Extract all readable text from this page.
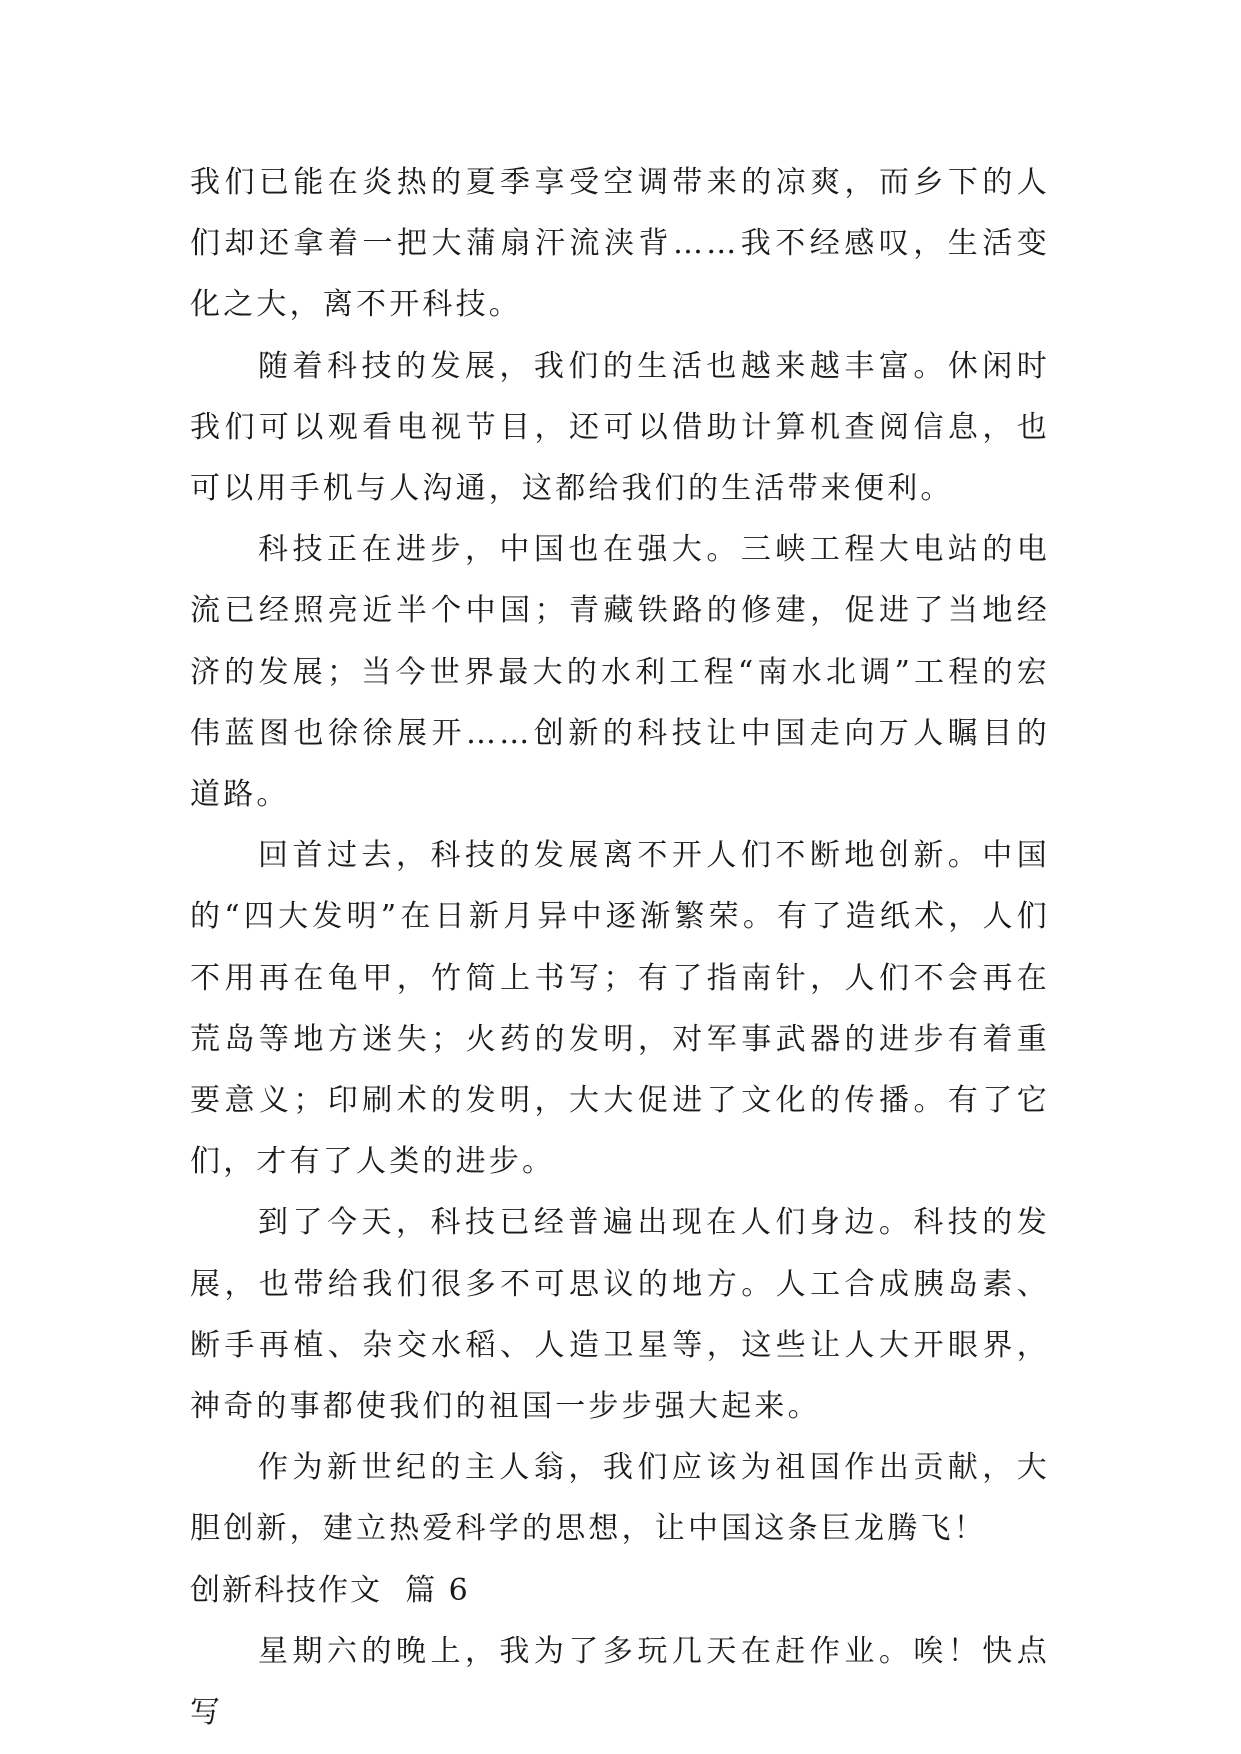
我们已能在炎热的夏季享受空调带来的凉爽，而乡下的人们却还拿着一把大蒲扇汗流浃背……我不经感叹，生活变化之大，离不开科技。

随着科技的发展，我们的生活也越来越丰富。休闲时我们可以观看电视节目，还可以借助计算机查阅信息，也可以用手机与人沟通，这都给我们的生活带来便利。

科技正在进步，中国也在强大。三峡工程大电站的电流已经照亮近半个中国；青藏铁路的修建，促进了当地经济的发展；当今世界最大的水利工程“南水北调”工程的宏伟蓝图也徐徐展开……创新的科技让中国走向万人瞩目的道路。

回首过去，科技的发展离不开人们不断地创新。中国的“四大发明”在日新月异中逐渐繁荣。有了造纸术，人们不用再在龟甲，竹简上书写；有了指南针，人们不会再在荒岛等地方迷失；火药的发明，对军事武器的进步有着重要意义；印刷术的发明，大大促进了文化的传播。有了它们，才有了人类的进步。

到了今天，科技已经普遍出现在人们身边。科技的发展，也带给我们很多不可思议的地方。人工合成胰岛素、断手再植、杂交水稻、人造卫星等，这些让人大开眼界，神奇的事都使我们的祖国一步步强大起来。

作为新世纪的主人翁，我们应该为祖国作出贡献，大胆创新，建立热爱科学的思想，让中国这条巨龙腾飞！

创新科技作文  篇 6

星期六的晚上，我为了多玩几天在赶作业。唉！快点写
